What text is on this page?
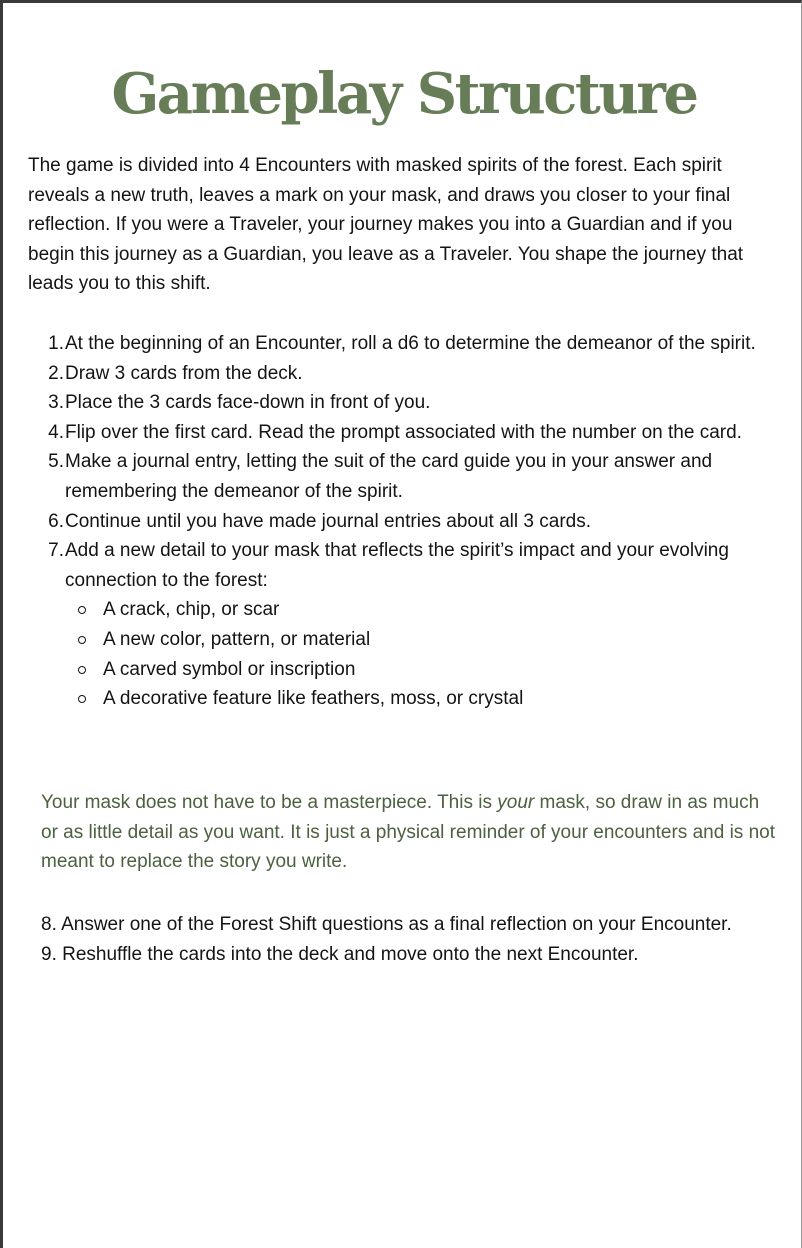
Gameplay Structure

The game is divided into 4 Encounters with masked spirits of the forest. Each spirit reveals a new truth, leaves a mark on your mask, and draws you closer to your final reflection. If you were a Traveler, your journey makes you into a Guardian and if you begin this journey as a Guardian, you leave as a Traveler. You shape the journey that leads you to this shift.

1. At the beginning of an Encounter, roll a d6 to determine the demeanor of the spirit.
2. Draw 3 cards from the deck.
3. Place the 3 cards face-down in front of you.
4. Flip over the first card. Read the prompt associated with the number on the card.
5. Make a journal entry, letting the suit of the card guide you in your answer and remembering the demeanor of the spirit.
6. Continue until you have made journal entries about all 3 cards.
7. Add a new detail to your mask that reflects the spirit’s impact and your evolving connection to the forest:
A crack, chip, or scar
A new color, pattern, or material
A carved symbol or inscription
A decorative feature like feathers, moss, or crystal

Your mask does not have to be a masterpiece. This is your mask, so draw in as much or as little detail as you want. It is just a physical reminder of your encounters and is not meant to replace the story you write.

8. Answer one of the Forest Shift questions as a final reflection on your Encounter.
9. Reshuffle the cards into the deck and move onto the next Encounter.
